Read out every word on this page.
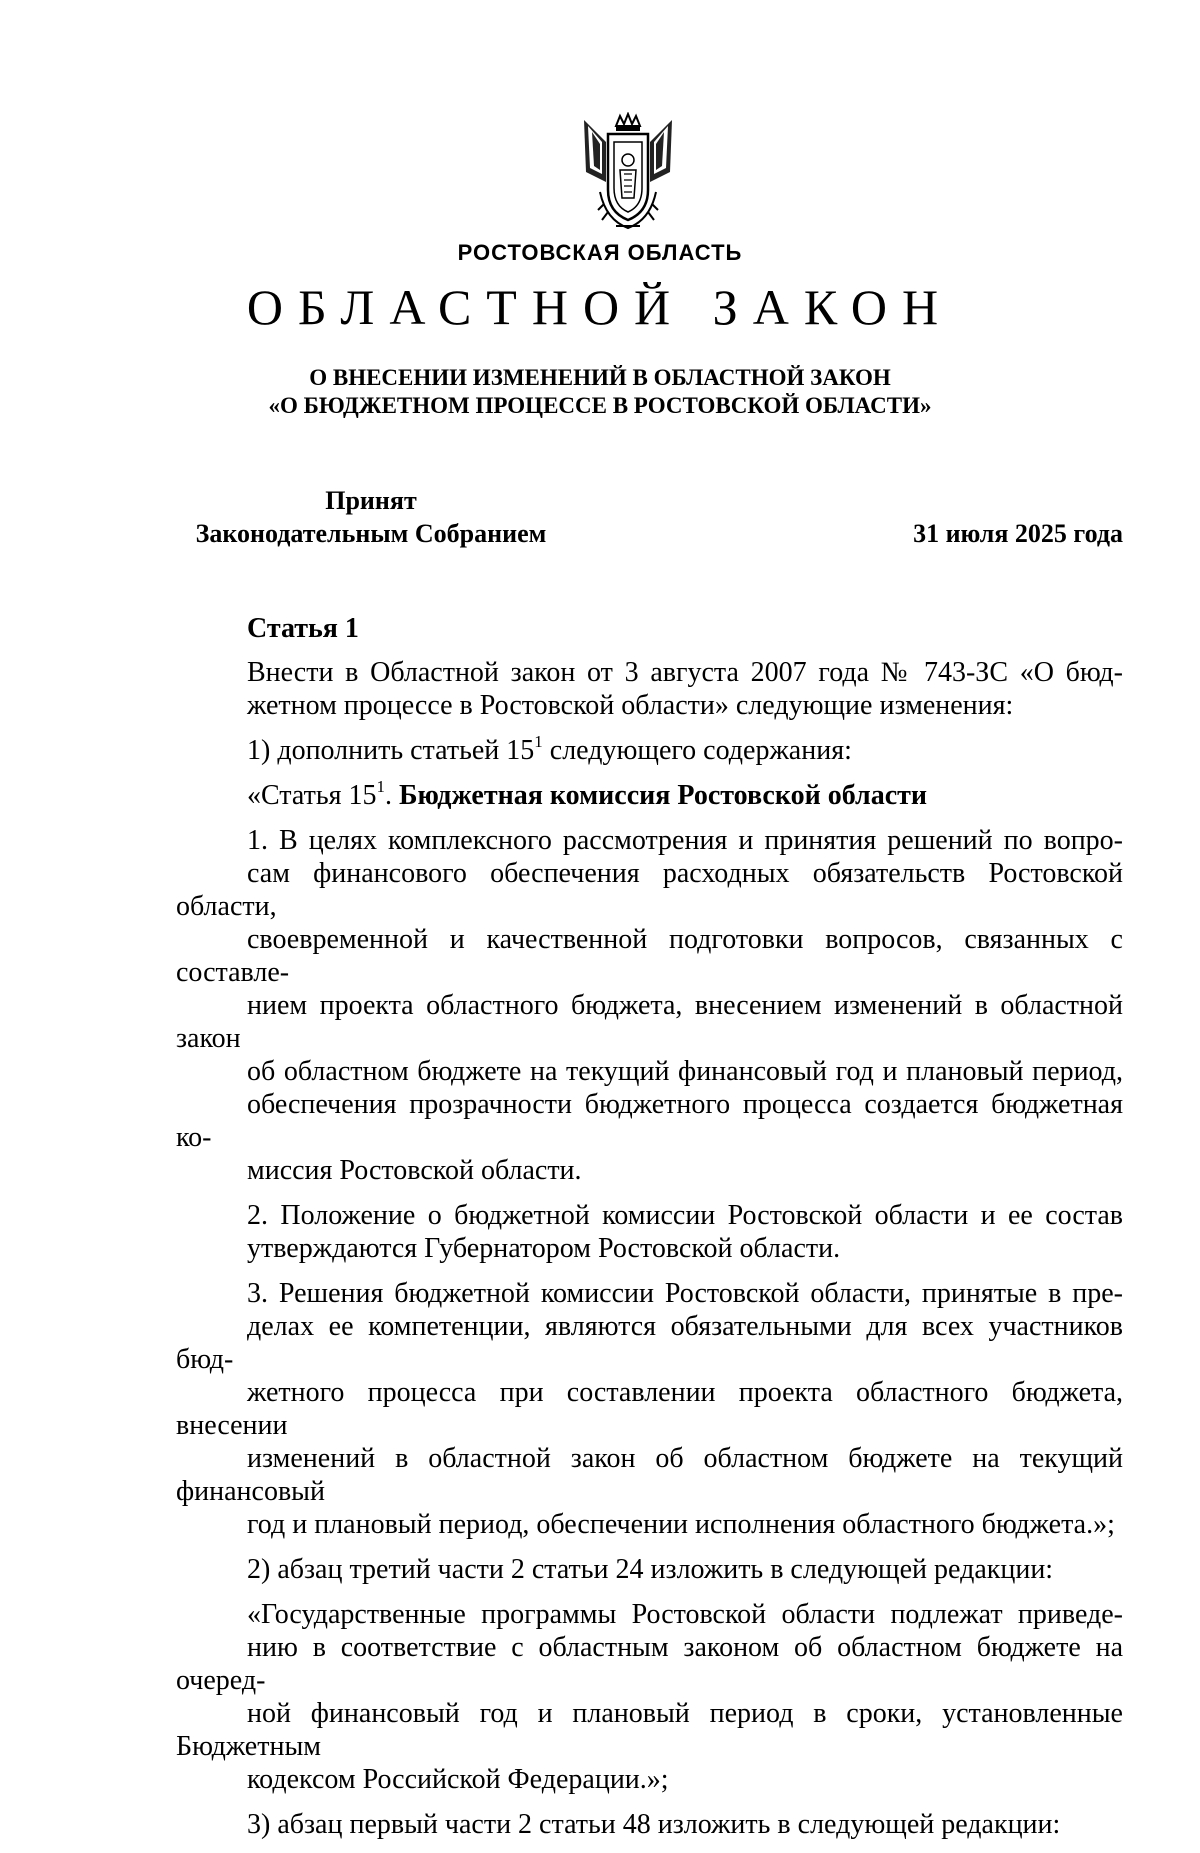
РОСТОВСКАЯ ОБЛАСТЬ
ОБЛАСТНОЙ ЗАКОН
О ВНЕСЕНИИ ИЗМЕНЕНИЙ В ОБЛАСТНОЙ ЗАКОН
«О БЮДЖЕТНОМ ПРОЦЕССЕ В РОСТОВСКОЙ ОБЛАСТИ»
Принят
Законодательным Собранием	31 июля 2025 года
Статья 1
Внести в Областной закон от 3 августа 2007 года № 743-ЗС «О бюд-
жетном процессе в Ростовской области» следующие изменения:
1) дополнить статьей $15^1$ следующего содержания:
«Статья $15^1$. Бюджетная комиссия Ростовской области
1. В целях комплексного рассмотрения и принятия решений по вопро-
сам финансового обеспечения расходных обязательств Ростовской области,
своевременной и качественной подготовки вопросов, связанных с составле-
нием проекта областного бюджета, внесением изменений в областной закон
об областном бюджете на текущий финансовый год и плановый период,
обеспечения прозрачности бюджетного процесса создается бюджетная ко-
миссия Ростовской области.
2. Положение о бюджетной комиссии Ростовской области и ее состав
утверждаются Губернатором Ростовской области.
3. Решения бюджетной комиссии Ростовской области, принятые в пре-
делах ее компетенции, являются обязательными для всех участников бюд-
жетного процесса при составлении проекта областного бюджета, внесении
изменений в областной закон об областном бюджете на текущий финансовый
год и плановый период, обеспечении исполнения областного бюджета.»;
2) абзац третий части 2 статьи 24 изложить в следующей редакции:
«Государственные программы Ростовской области подлежат приведе-
нию в соответствие с областным законом об областном бюджете на очеред-
ной финансовый год и плановый период в сроки, установленные Бюджетным
кодексом Российской Федерации.»;
3) абзац первый части 2 статьи 48 изложить в следующей редакции:
